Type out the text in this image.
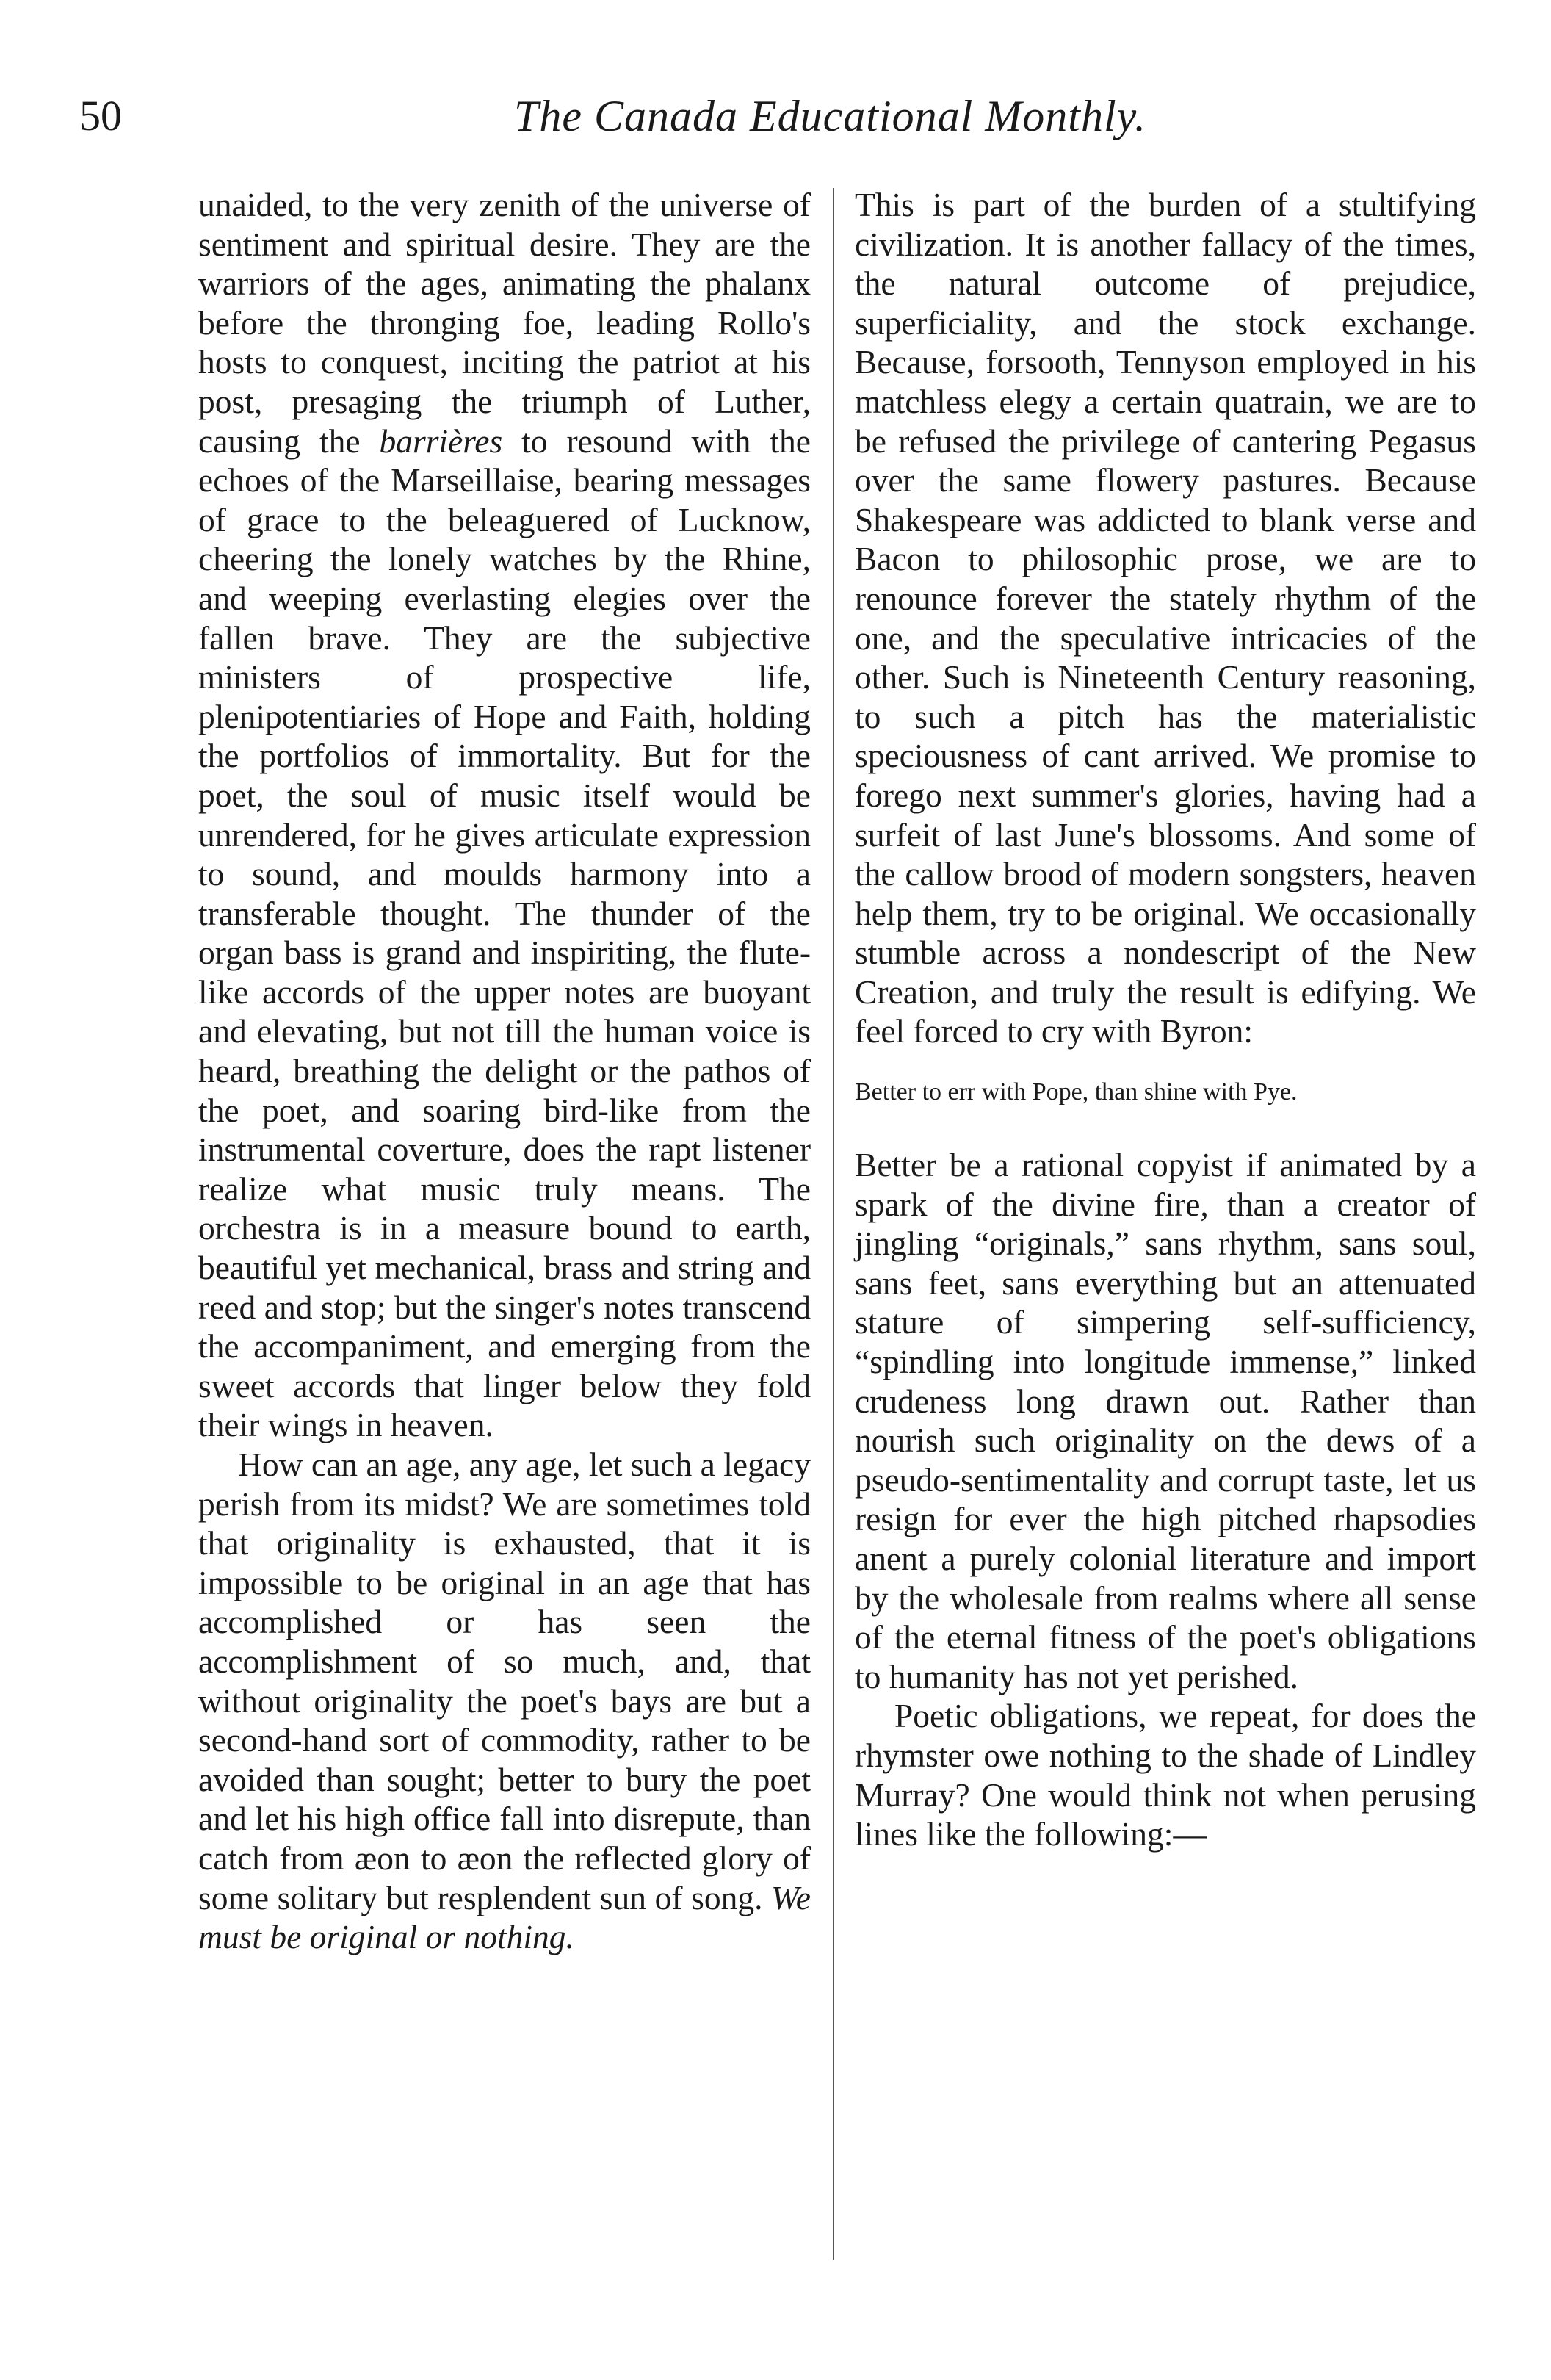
50	The Canada Educational Monthly.

unaided, to the very zenith of the universe of sentiment and spiritual desire. They are the warriors of the ages, animating the phalanx before the thronging foe, leading Rollo's hosts to conquest, inciting the patriot at his post, presaging the triumph of Luther, causing the barrières to resound with the echoes of the Marseillaise, bearing messages of grace to the beleaguered of Lucknow, cheering the lonely watches by the Rhine, and weeping everlasting elegies over the fallen brave. They are the subjective ministers of prospective life, plenipotentiaries of Hope and Faith, holding the portfolios of immortality. But for the poet, the soul of music itself would be unrendered, for he gives articulate expression to sound, and moulds harmony into a transferable thought. The thunder of the organ bass is grand and inspiriting, the flute-like accords of the upper notes are buoyant and elevating, but not till the human voice is heard, breathing the delight or the pathos of the poet, and soaring bird-like from the instrumental coverture, does the rapt listener realize what music truly means. The orchestra is in a measure bound to earth, beautiful yet mechanical, brass and string and reed and stop; but the singer's notes transcend the accompaniment, and emerging from the sweet accords that linger below they fold their wings in heaven.

How can an age, any age, let such a legacy perish from its midst? We are sometimes told that originality is exhausted, that it is impossible to be original in an age that has accomplished or has seen the accomplishment of so much, and, that without originality the poet's bays are but a second-hand sort of commodity, rather to be avoided than sought; better to bury the poet and let his high office fall into disrepute, than catch from æon to æon the reflected glory of some solitary but resplendent sun of song. We must be original or nothing.

This is part of the burden of a stultifying civilization. It is another fallacy of the times, the natural outcome of prejudice, superficiality, and the stock exchange. Because, forsooth, Tennyson employed in his matchless elegy a certain quatrain, we are to be refused the privilege of cantering Pegasus over the same flowery pastures. Because Shakespeare was addicted to blank verse and Bacon to philosophic prose, we are to renounce forever the stately rhythm of the one, and the speculative intricacies of the other. Such is Nineteenth Century reasoning, to such a pitch has the materialistic speciousness of cant arrived. We promise to forego next summer's glories, having had a surfeit of last June's blossoms. And some of the callow brood of modern songsters, heaven help them, try to be original. We occasionally stumble across a nondescript of the New Creation, and truly the result is edifying. We feel forced to cry with Byron:

Better to err with Pope, than shine with Pye.

Better be a rational copyist if animated by a spark of the divine fire, than a creator of jingling “originals,” sans rhythm, sans soul, sans feet, sans everything but an attenuated stature of simpering self-sufficiency, “spindling into longitude immense,” linked crudeness long drawn out. Rather than nourish such originality on the dews of a pseudo-sentimentality and corrupt taste, let us resign for ever the high pitched rhapsodies anent a purely colonial literature and import by the wholesale from realms where all sense of the eternal fitness of the poet's obligations to humanity has not yet perished.

Poetic obligations, we repeat, for does the rhymster owe nothing to the shade of Lindley Murray? One would think not when perusing lines like the following:—
